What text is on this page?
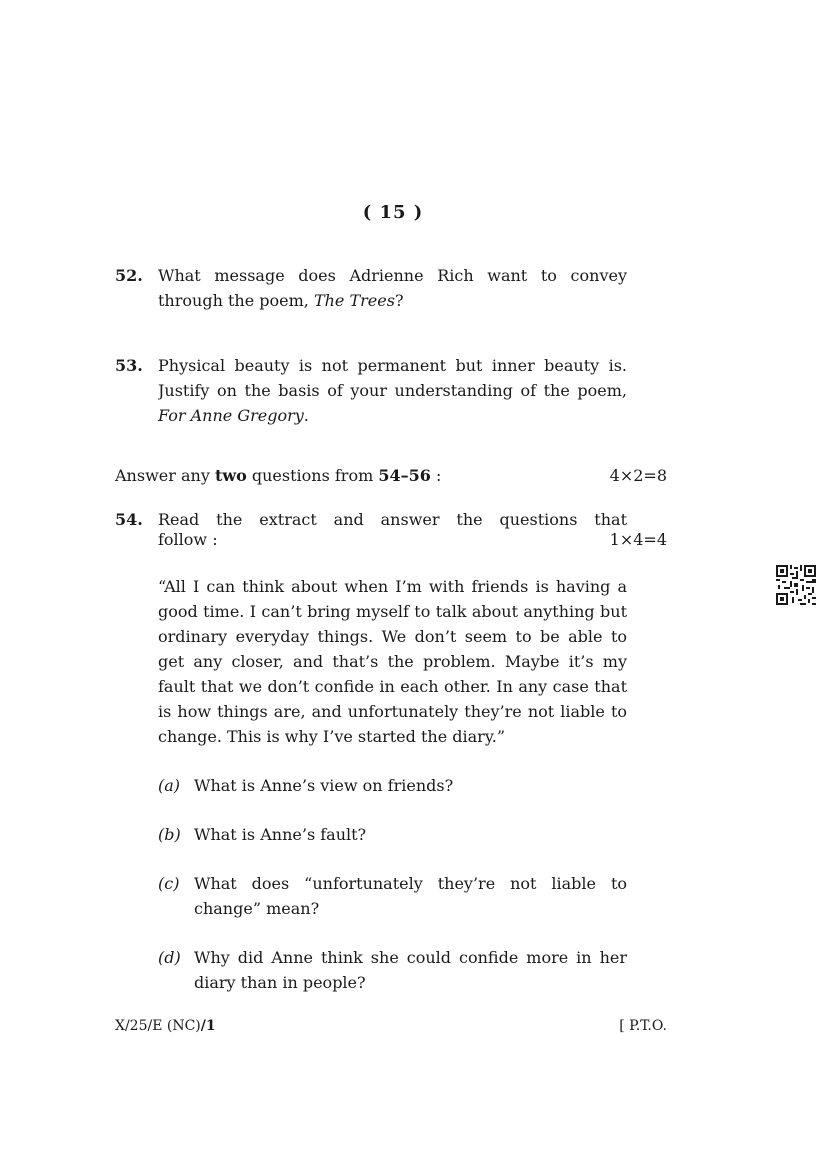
( 15 )
52. What message does Adrienne Rich want to convey through the poem, The Trees?
53. Physical beauty is not permanent but inner beauty is. Justify on the basis of your understanding of the poem,
For Anne Gregory.
Answer any two questions from 54–56 :	4×2=8
54. Read the extract and answer the questions that
follow :	1×4=4
“All I can think about when I’m with friends is having a good time. I can’t bring myself to talk about anything but ordinary everyday things. We don’t seem to be able to get any closer, and that’s the problem. Maybe it’s my fault that we don’t confide in each other. In any case that is how things are, and unfortunately they’re not liable to change. This is why I’ve started the diary.”
(a) What is Anne’s view on friends?
(b) What is Anne’s fault?
(c) What does “unfortunately they’re not liable to change” mean?
(d) Why did Anne think she could confide more in her diary than in people?
X/25/E (NC)/1	[ P.T.O.
